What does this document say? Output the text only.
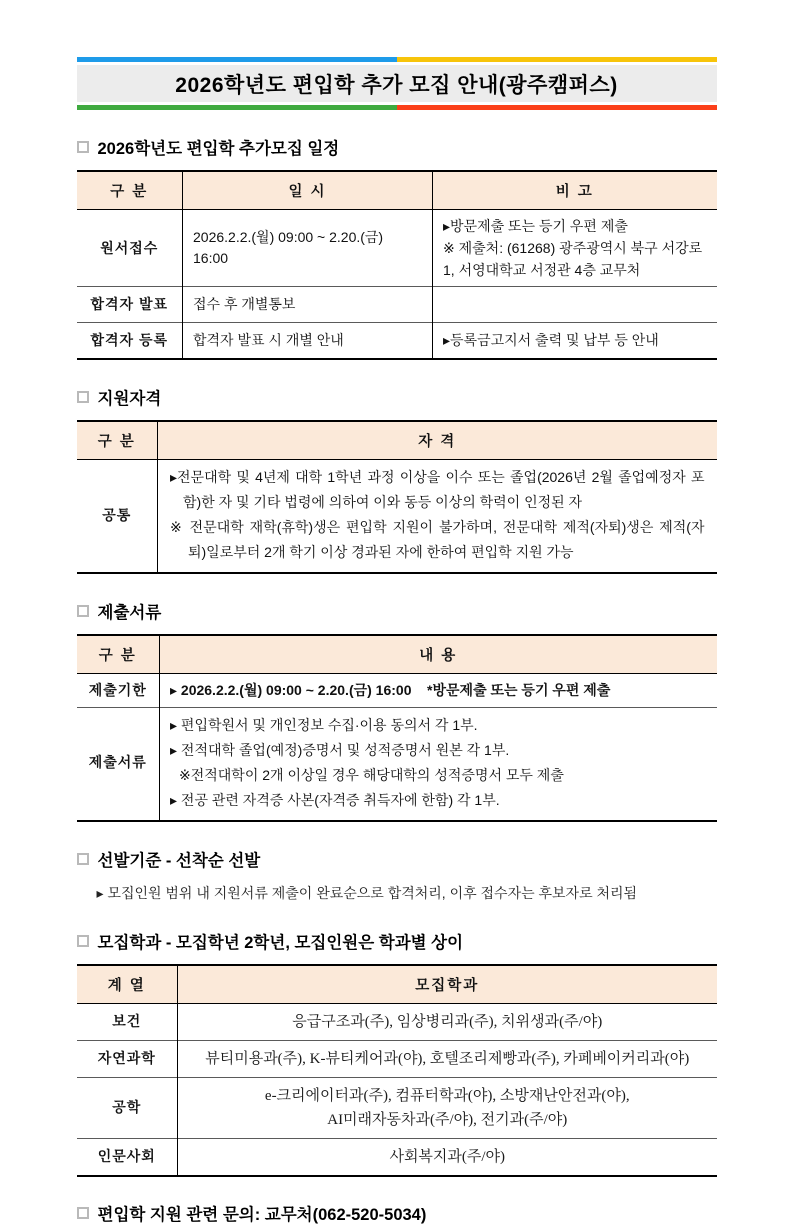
2026학년도 편입학 추가 모집 안내(광주캠퍼스)
2026학년도 편입학 추가모집 일정
구 분	일 시	비 고
원서접수	2026.2.2.(월) 09:00 ~ 2.20.(금) 16:00	▸방문제출 또는 등기 우편 제출
※ 제출처: (61268) 광주광역시 북구 서강로 1, 서영대학교 서정관 4층 교무처

합격자 발표	접수 후 개별통보	
합격자 등록	합격자 발표 시 개별 안내	▸등록금고지서 출력 및 납부 등 안내
지원자격
구 분	자 격
공통	▸전문대학 및 4년제 대학 1학년 과정 이상을 이수 또는 졸업(2026년 2월 졸업예정자 포함)한 자 및 기타 법령에 의하여 이와 동등 이상의 학력이 인정된 자
※ 전문대학 재학(휴학)생은 편입학 지원이 불가하며, 전문대학 제적(자퇴)생은 제적(자퇴)일로부터 2개 학기 이상 경과된 자에 한하여 편입학 지원 가능
제출서류
구 분	내 용
제출기한	▸ 2026.2.2.(월) 09:00 ~ 2.20.(금) 16:00    *방문제출 또는 등기 우편 제출
제출서류	▸ 편입학원서 및 개인정보 수집·이용 동의서 각 1부.
▸ 전적대학 졸업(예정)증명서 및 성적증명서 원본 각 1부.
※전적대학이 2개 이상일 경우 해당대학의 성적증명서 모두 제출
▸ 전공 관련 자격증 사본(자격증 취득자에 한함) 각 1부.
선발기준 - 선착순 선발
▸ 모집인원 범위 내 지원서류 제출이 완료순으로 합격처리, 이후 접수자는 후보자로 처리됨
모집학과 - 모집학년 2학년, 모집인원은 학과별 상이
계 열	모집학과
보건	응급구조과(주), 임상병리과(주), 치위생과(주/야)
자연과학	뷰티미용과(주), K-뷰티케어과(야), 호텔조리제빵과(주), 카페베이커리과(야)
공학	e-크리에이터과(주), 컴퓨터학과(야), 소방재난안전과(야),
AI미래자동차과(주/야), 전기과(주/야)

인문사회	사회복지과(주/야)
편입학 지원 관련 문의: 교무처(062-520-5034)
